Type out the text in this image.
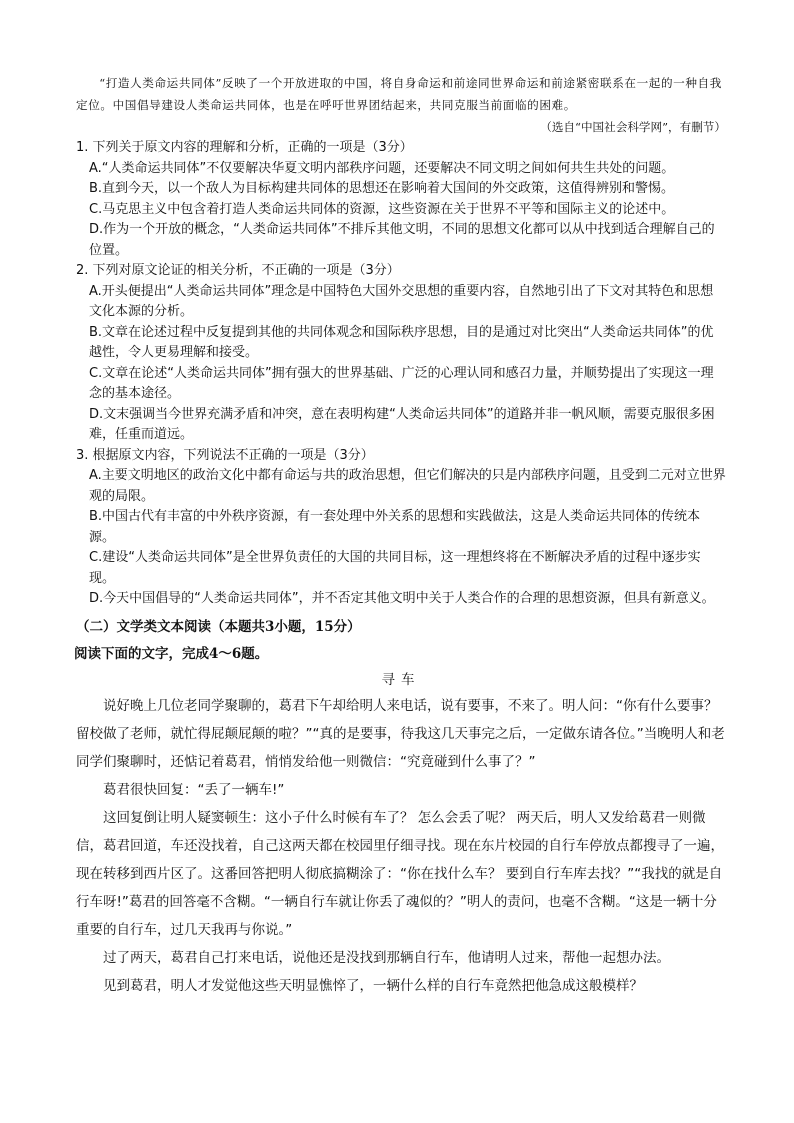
“打造人类命运共同体”反映了一个开放进取的中国，将自身命运和前途同世界命运和前途紧密联系在一起的一种自我定位。中国倡导建设人类命运共同体，也是在呼吁世界团结起来，共同克服当前面临的困难。

（选自“中国社会科学网”，有删节）

1. 下列关于原文内容的理解和分析，正确的一项是（3分）

A.“人类命运共同体”不仅要解决华夏文明内部秩序问题，还要解决不同文明之间如何共生共处的问题。

B.直到今天，以一个敌人为目标构建共同体的思想还在影响着大国间的外交政策，这值得辨别和警惕。

C.马克思主义中包含着打造人类命运共同体的资源，这些资源在关于世界不平等和国际主义的论述中。

D.作为一个开放的概念，“人类命运共同体”不排斥其他文明，不同的思想文化都可以从中找到适合理解自己的位置。

2. 下列对原文论证的相关分析，不正确的一项是（3分）

A.开头便提出“人类命运共同体”理念是中国特色大国外交思想的重要内容，自然地引出了下文对其特色和思想文化本源的分析。

B.文章在论述过程中反复提到其他的共同体观念和国际秩序思想，目的是通过对比突出“人类命运共同体”的优越性，令人更易理解和接受。

C.文章在论述“人类命运共同体”拥有强大的世界基础、广泛的心理认同和感召力量，并顺势提出了实现这一理念的基本途径。

D.文末强调当今世界充满矛盾和冲突，意在表明构建“人类命运共同体”的道路并非一帆风顺，需要克服很多困难，任重而道远。

3. 根据原文内容，下列说法不正确的一项是（3分）

A.主要文明地区的政治文化中都有命运与共的政治思想，但它们解决的只是内部秩序问题，且受到二元对立世界观的局限。

B.中国古代有丰富的中外秩序资源，有一套处理中外关系的思想和实践做法，这是人类命运共同体的传统本源。

C.建设“人类命运共同体”是全世界负责任的大国的共同目标，这一理想终将在不断解决矛盾的过程中逐步实现。

D.今天中国倡导的“人类命运共同体”，并不否定其他文明中关于人类合作的合理的思想资源，但具有新意义。

（二）文学类文本阅读（本题共3小题，15分）

阅读下面的文字，完成4～6题。

寻车

说好晚上几位老同学聚聊的，葛君下午却给明人来电话，说有要事，不来了。明人问：“你有什么要事？ 留校做了老师，就忙得屁颠屁颠的啦？”“真的是要事，待我这几天事完之后，一定做东请各位。”当晚明人和老同学们聚聊时，还惦记着葛君，悄悄发给他一则微信：“究竟碰到什么事了？”

葛君很快回复：“丢了一辆车!”

这回复倒让明人疑窦顿生：这小子什么时候有车了？ 怎么会丢了呢？ 两天后，明人又发给葛君一则微信，葛君回道，车还没找着，自己这两天都在校园里仔细寻找。现在东片校园的自行车停放点都搜寻了一遍，现在转移到西片区了。这番回答把明人彻底搞糊涂了：“你在找什么车？ 要到自行车库去找？”“我找的就是自行车呀!”葛君的回答毫不含糊。“一辆自行车就让你丢了魂似的？”明人的责问，也毫不含糊。“这是一辆十分重要的自行车，过几天我再与你说。”

过了两天，葛君自己打来电话，说他还是没找到那辆自行车，他请明人过来，帮他一起想办法。

见到葛君，明人才发觉他这些天明显憔悴了，一辆什么样的自行车竟然把他急成这般模样？
